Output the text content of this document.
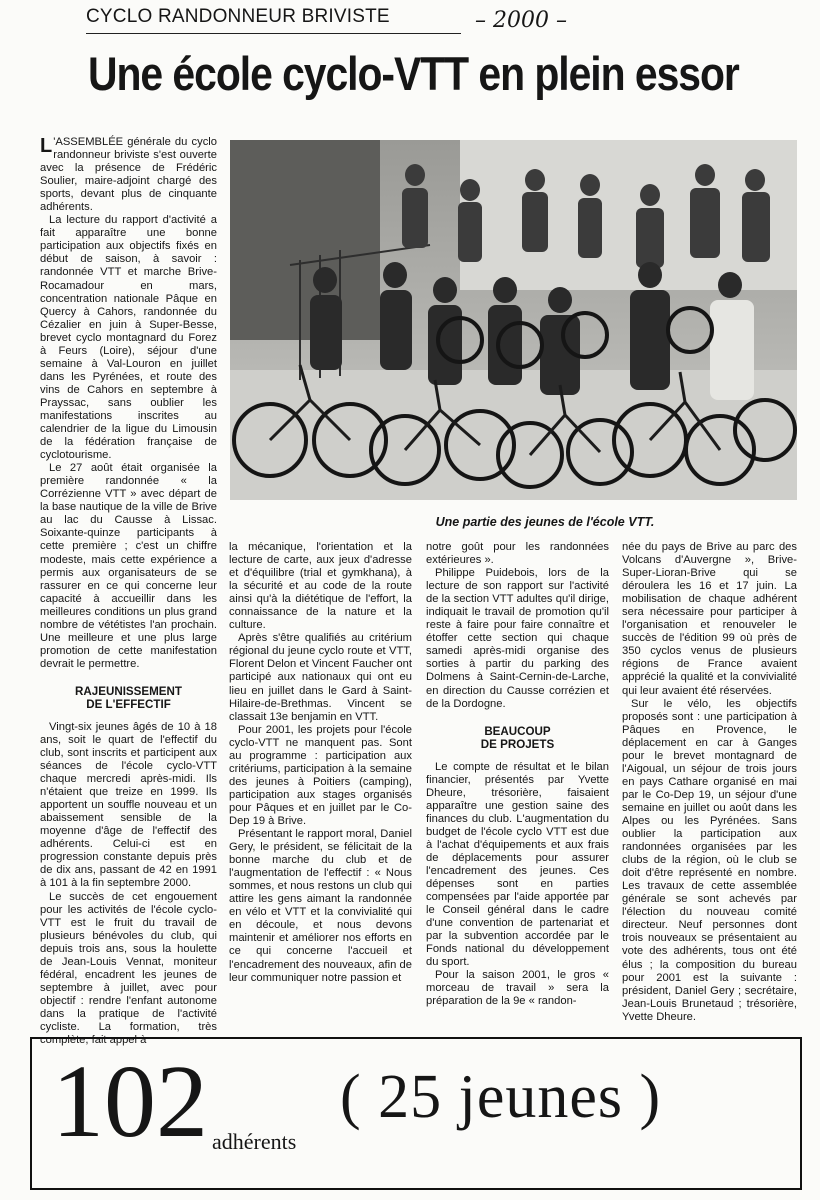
CYCLO RANDONNEUR BRIVISTE	– 2000 –
Une école cyclo-VTT en plein essor
Une partie des jeunes de l'école VTT.

L 'ASSEMBLÉE générale du cyclo randonneur briviste s'est ouverte avec la présence de Frédéric Soulier, maire-adjoint chargé des sports, devant plus de cinquante adhérents.

La lecture du rapport d'activité a fait apparaître une bonne participation aux objectifs fixés en début de saison, à savoir : randonnée VTT et marche Brive-Rocamadour en mars, concentration nationale Pâque en Quercy à Cahors, randonnée du Cézalier en juin à Super-Besse, brevet cyclo montagnard du Forez à Feurs (Loire), séjour d'une semaine à Val-Louron en juillet dans les Pyrénées, et route des vins de Cahors en septembre à Prayssac, sans oublier les manifestations inscrites au calendrier de la ligue du Limousin de la fédération française de cyclotourisme.

Le 27 août était organisée la première randonnée « la Corrézienne VTT » avec départ de la base nautique de la ville de Brive au lac du Causse à Lissac. Soixante-quinze participants à cette première ; c'est un chiffre modeste, mais cette expérience a permis aux organisateurs de se rassurer en ce qui concerne leur capacité à accueillir dans les meilleures conditions un plus grand nombre de vététistes l'an prochain. Une meilleure et une plus large promotion de cette manifestation devrait le permettre.

RAJEUNISSEMENT
DE L'EFFECTIF

Vingt-six jeunes âgés de 10 à 18 ans, soit le quart de l'effectif du club, sont inscrits et participent aux séances de l'école cyclo-VTT chaque mercredi après-midi. Ils n'étaient que treize en 1999. Ils apportent un souffle nouveau et un abaissement sensible de la moyenne d'âge de l'effectif des adhérents. Celui-ci est en progression constante depuis près de dix ans, passant de 42 en 1991 à 101 à la fin septembre 2000.

Le succès de cet engouement pour les activités de l'école cyclo-VTT est le fruit du travail de plusieurs bénévoles du club, qui depuis trois ans, sous la houlette de Jean-Louis Vennat, moniteur fédéral, encadrent les jeunes de septembre à juillet, avec pour objectif : rendre l'enfant autonome dans la pratique de l'activité cycliste. La formation, très complète, fait appel à

la mécanique, l'orientation et la lecture de carte, aux jeux d'adresse et d'équilibre (trial et gymkhana), à la sécurité et au code de la route ainsi qu'à la diététique de l'effort, la connaissance de la nature et la culture.

Après s'être qualifiés au critérium régional du jeune cyclo route et VTT, Florent Delon et Vincent Faucher ont participé aux nationaux qui ont eu lieu en juillet dans le Gard à Saint-Hilaire-de-Brethmas. Vincent se classait 13e benjamin en VTT.

Pour 2001, les projets pour l'école cyclo-VTT ne manquent pas. Sont au programme : participation aux critériums, participation à la semaine des jeunes à Poitiers (camping), participation aux stages organisés pour Pâques et en juillet par le Co-Dep 19 à Brive.

Présentant le rapport moral, Daniel Gery, le président, se félicitait de la bonne marche du club et de l'augmentation de l'effectif : « Nous sommes, et nous restons un club qui attire les gens aimant la randonnée en vélo et VTT et la convivialité qui en découle, et nous devons maintenir et améliorer nos efforts en ce qui concerne l'accueil et l'encadrement des nouveaux, afin de leur communiquer notre passion et

notre goût pour les randonnées extérieures ».

Philippe Puidebois, lors de la lecture de son rapport sur l'activité de la section VTT adultes qu'il dirige, indiquait le travail de promotion qu'il reste à faire pour faire connaître et étoffer cette section qui chaque samedi après-midi organise des sorties à partir du parking des Dolmens à Saint-Cernin-de-Larche, en direction du Causse corrézien et de la Dordogne.

BEAUCOUP
DE PROJETS

Le compte de résultat et le bilan financier, présentés par Yvette Dheure, trésorière, faisaient apparaître une gestion saine des finances du club. L'augmentation du budget de l'école cyclo VTT est due à l'achat d'équipements et aux frais de déplacements pour assurer l'encadrement des jeunes. Ces dépenses sont en parties compensées par l'aide apportée par le Conseil général dans le cadre d'une convention de partenariat et par la subvention accordée par le Fonds national du développement du sport.

Pour la saison 2001, le gros « morceau de travail » sera la préparation de la 9e « randon-

née du pays de Brive au parc des Volcans d'Auvergne », Brive-Super-Lioran-Brive qui se déroulera les 16 et 17 juin. La mobilisation de chaque adhérent sera nécessaire pour participer à l'organisation et renouveler le succès de l'édition 99 où près de 350 cyclos venus de plusieurs régions de France avaient apprécié la qualité et la convivialité qui leur avaient été réservées.

Sur le vélo, les objectifs proposés sont : une participation à Pâques en Provence, le déplacement en car à Ganges pour le brevet montagnard de l'Aigoual, un séjour de trois jours en pays Cathare organisé en mai par le Co-Dep 19, un séjour d'une semaine en juillet ou août dans les Alpes ou les Pyrénées. Sans oublier la participation aux randonnées organisées par les clubs de la région, où le club se doit d'être représenté en nombre. Les travaux de cette assemblée générale se sont achevés par l'élection du nouveau comité directeur. Neuf personnes dont trois nouveaux se présentaient au vote des adhérents, tous ont été élus ; la composition du bureau pour 2001 est la suivante : président, Daniel Gery ; secrétaire, Jean-Louis Brunetaud ; trésorière, Yvette Dheure.

102 adhérents
( 25 jeunes )
